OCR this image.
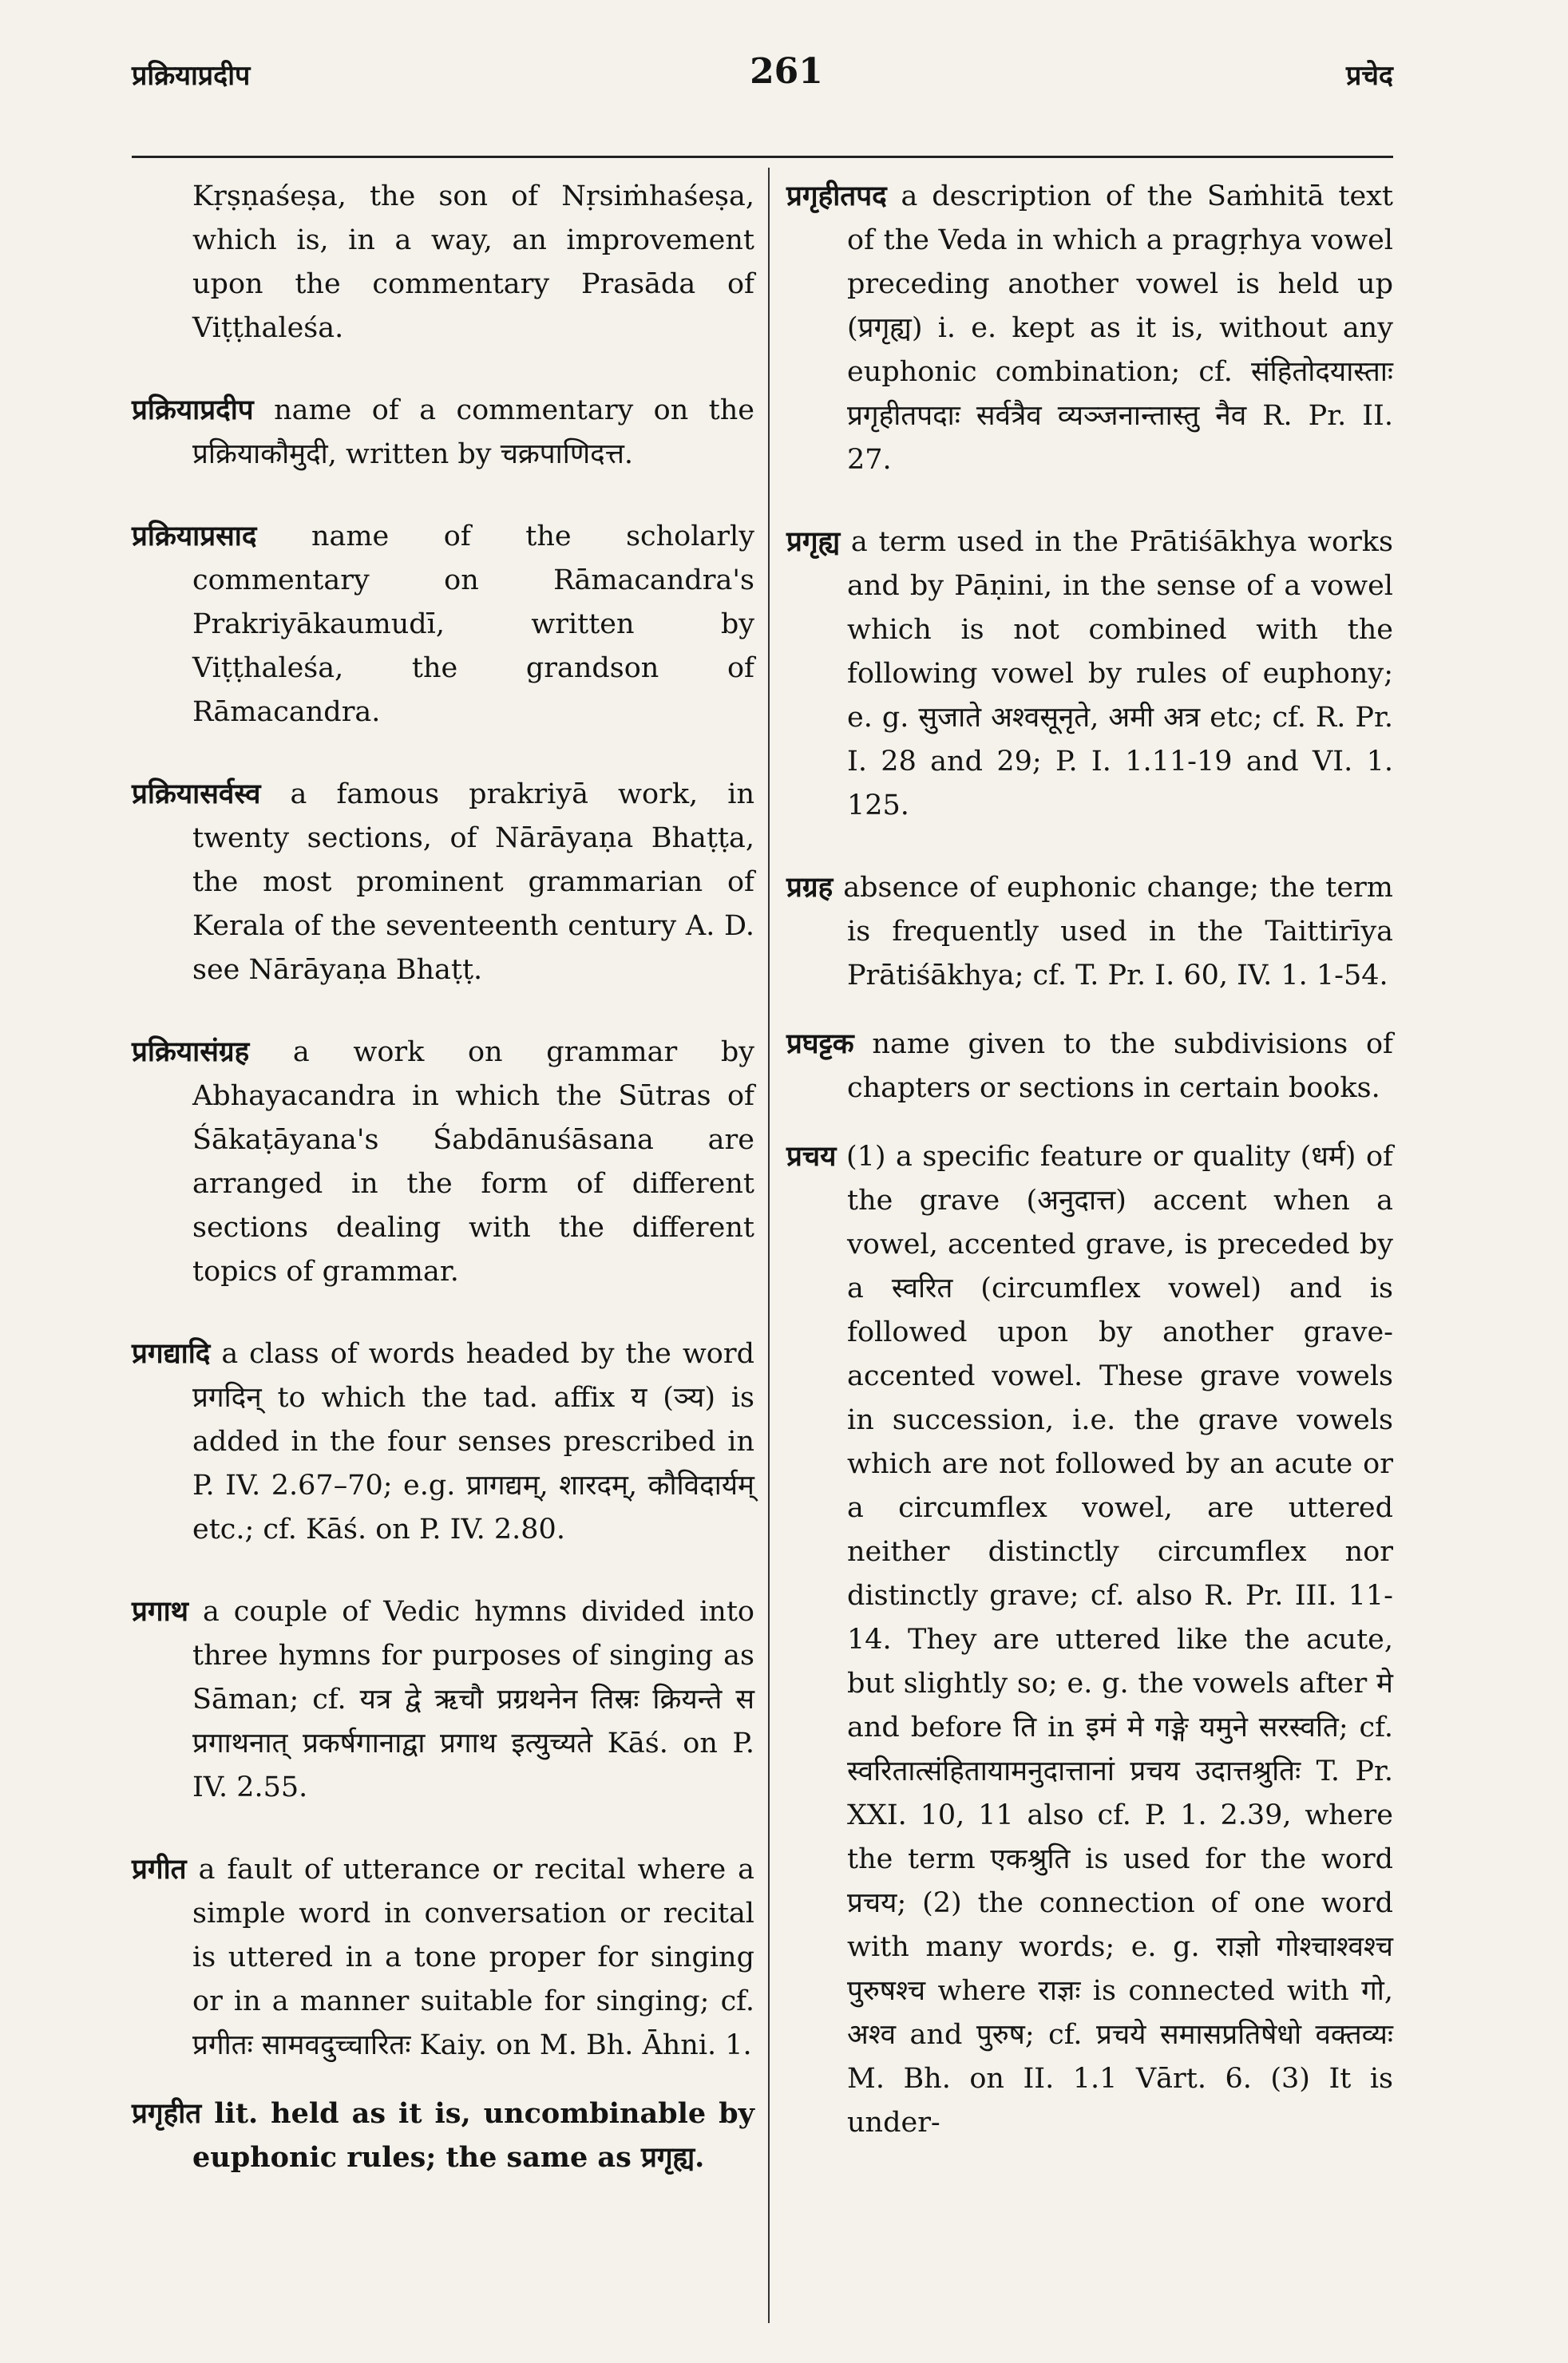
प्रक्रियाप्रदीप	261	प्रचेद
Kṛṣṇaśeṣa, the son of Nṛsiṁhaśeṣa, which is, in a way, an improvement upon the commentary Prasāda of Viṭṭhaleśa.
प्रक्रियाप्रदीप name of a commentary on the प्रक्रियाकौमुदी, written by चक्रपाणिदत्त.
प्रक्रियाप्रसाद name of the scholarly commentary on Rāmacandra's Prakriyākaumudī, written by Viṭṭhaleśa, the grandson of Rāmacandra.
प्रक्रियासर्वस्व a famous prakriyā work, in twenty sections, of Nārāyaṇa Bhaṭṭa, the most prominent grammarian of Kerala of the seventeenth century A. D. see Nārāyaṇa Bhaṭṭ.
प्रक्रियासंग्रह a work on grammar by Abhayacandra in which the Sūtras of Śākaṭāyana's Śabdānuśāsana are arranged in the form of different sections dealing with the different topics of grammar.
प्रगद्यादि a class of words headed by the word प्रगदिन् to which the tad. affix य (ञ्य) is added in the four senses prescribed in P. IV. 2.67–70; e.g. प्रागद्यम्, शारदम्, कौविदार्यम् etc.; cf. Kāś. on P. IV. 2.80.
प्रगाथ a couple of Vedic hymns divided into three hymns for purposes of singing as Sāman; cf. यत्र द्वे ऋचौ प्रग्रथनेन तिस्रः क्रियन्ते स प्रगाथनात् प्रकर्षगानाद्वा प्रगाथ इत्युच्यते Kāś. on P. IV. 2.55.
प्रगीत a fault of utterance or recital where a simple word in conversation or recital is uttered in a tone proper for singing or in a manner suitable for singing; cf. प्रगीतः सामवदुच्चारितः Kaiy. on M. Bh. Āhni. 1.
प्रगृहीत lit. held as it is, uncombinable by euphonic rules; the same as प्रगृह्य.
प्रगृहीतपद a description of the Saṁhitā text of the Veda in which a pragṛhya vowel preceding another vowel is held up (प्रगृह्य) i. e. kept as it is, without any euphonic combination; cf. संहितोदयास्ताः प्रगृहीतपदाः सर्वत्रैव व्यञ्जनान्तास्तु नैव R. Pr. II. 27.
प्रगृह्य a term used in the Prātiśākhya works and by Pāṇini, in the sense of a vowel which is not combined with the following vowel by rules of euphony; e. g. सुजाते अश्वसूनृते, अमी अत्र etc; cf. R. Pr. I. 28 and 29; P. I. 1.11-19 and VI. 1. 125.
प्रग्रह absence of euphonic change; the term is frequently used in the Taittirīya Prātiśākhya; cf. T. Pr. I. 60, IV. 1. 1-54.
प्रघट्टक name given to the subdivisions of chapters or sections in certain books.
प्रचय (1) a specific feature or quality (धर्म) of the grave (अनुदात्त) accent when a vowel, accented grave, is preceded by a स्वरित (circumflex vowel) and is followed upon by another grave-accented vowel. These grave vowels in succession, i.e. the grave vowels which are not followed by an acute or a circumflex vowel, are uttered neither distinctly circumflex nor distinctly grave; cf. also R. Pr. III. 11-14. They are uttered like the acute, but slightly so; e. g. the vowels after मे and before ति in इमं मे गङ्गे यमुने सरस्वति; cf. स्वरितात्संहितायामनुदात्तानां प्रचय उदात्तश्रुतिः T. Pr. XXI. 10, 11 also cf. P. 1. 2.39, where the term एकश्रुति is used for the word प्रचय; (2) the connection of one word with many words; e. g. राज्ञो गोश्चाश्वश्च पुरुषश्च where राज्ञः is connected with गो, अश्व and पुरुष; cf. प्रचये समासप्रतिषेधो वक्तव्यः M. Bh. on II. 1.1 Vārt. 6. (3) It is under-
